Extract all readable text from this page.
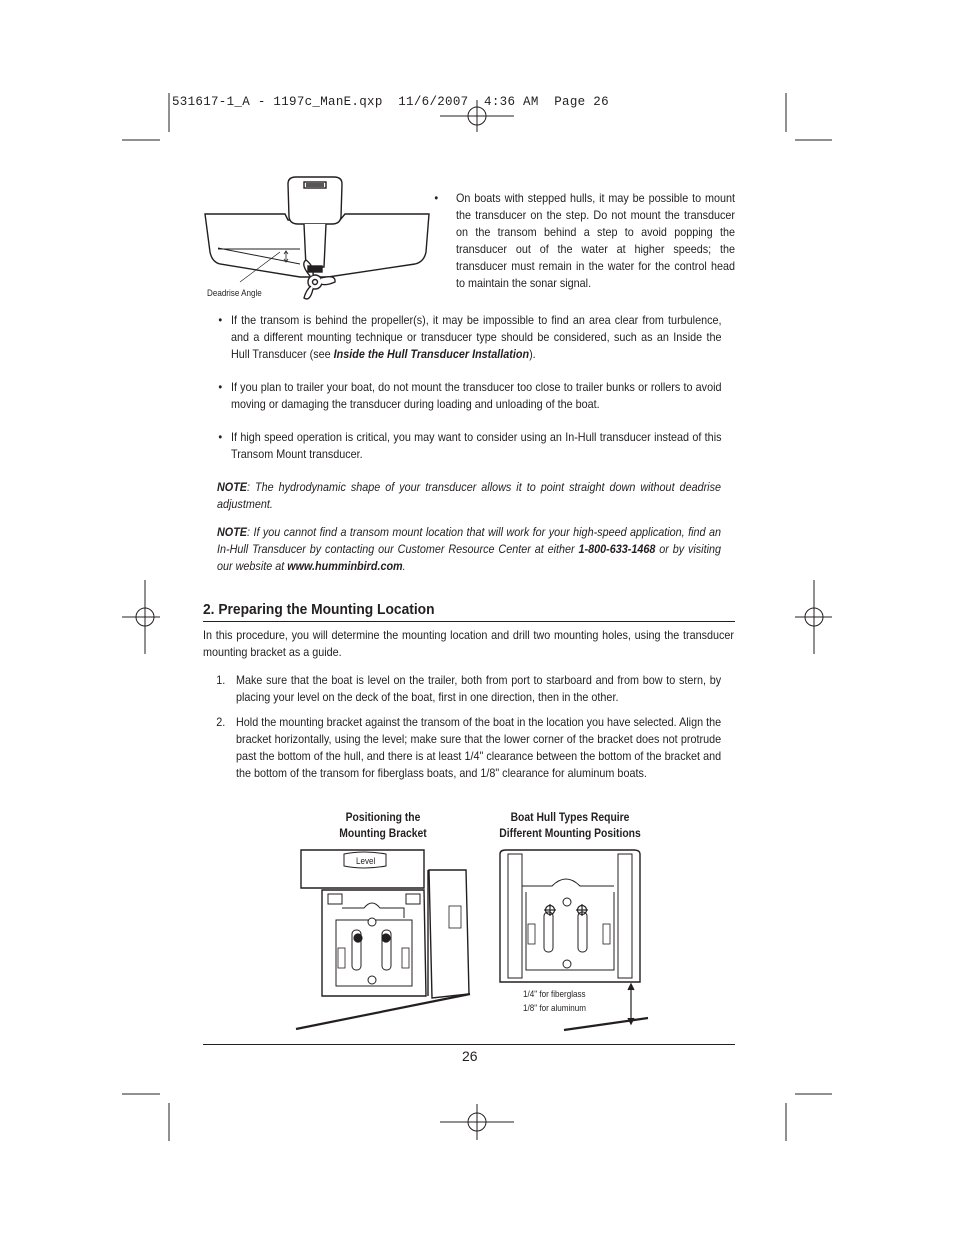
531617-1_A - 1197c_ManE.qxp  11/6/2007  4:36 AM  Page 26
Deadrise Angle
• On boats with stepped hulls, it may be possible to mount the transducer on the step. Do not mount the transducer on the transom behind a step to avoid popping the transducer out of the water at higher speeds; the transducer must remain in the water for the control head to maintain the sonar signal.
• If the transom is behind the propeller(s), it may be impossible to find an area clear from turbulence, and a different mounting technique or transducer type should be considered, such as an Inside the Hull Transducer (see Inside the Hull Transducer Installation).
• If you plan to trailer your boat, do not mount the transducer too close to trailer bunks or rollers to avoid moving or damaging the transducer during loading and unloading of the boat.
• If high speed operation is critical, you may want to consider using an In-Hull transducer instead of this Transom Mount transducer.
NOTE: The hydrodynamic shape of your transducer allows it to point straight down without deadrise adjustment.
NOTE: If you cannot find a transom mount location that will work for your high-speed application, find an In-Hull Transducer by contacting our Customer Resource Center at either 1-800-633-1468 or by visiting our website at www.humminbird.com.
2. Preparing the Mounting Location
In this procedure, you will determine the mounting location and drill two mounting holes, using the transducer mounting bracket as a guide.
1. Make sure that the boat is level on the trailer, both from port to starboard and from bow to stern, by placing your level on the deck of the boat, first in one direction, then in the other.
2. Hold the mounting bracket against the transom of the boat in the location you have selected. Align the bracket horizontally, using the level; make sure that the lower corner of the bracket does not protrude past the bottom of the hull, and there is at least 1/4" clearance between the bottom of the bracket and the bottom of the transom for fiberglass boats, and 1/8" clearance for aluminum boats.
Positioning the
Mounting Bracket
Boat Hull Types Require
Different Mounting Positions
Level
1/4" for fiberglass
1/8" for aluminum
26
